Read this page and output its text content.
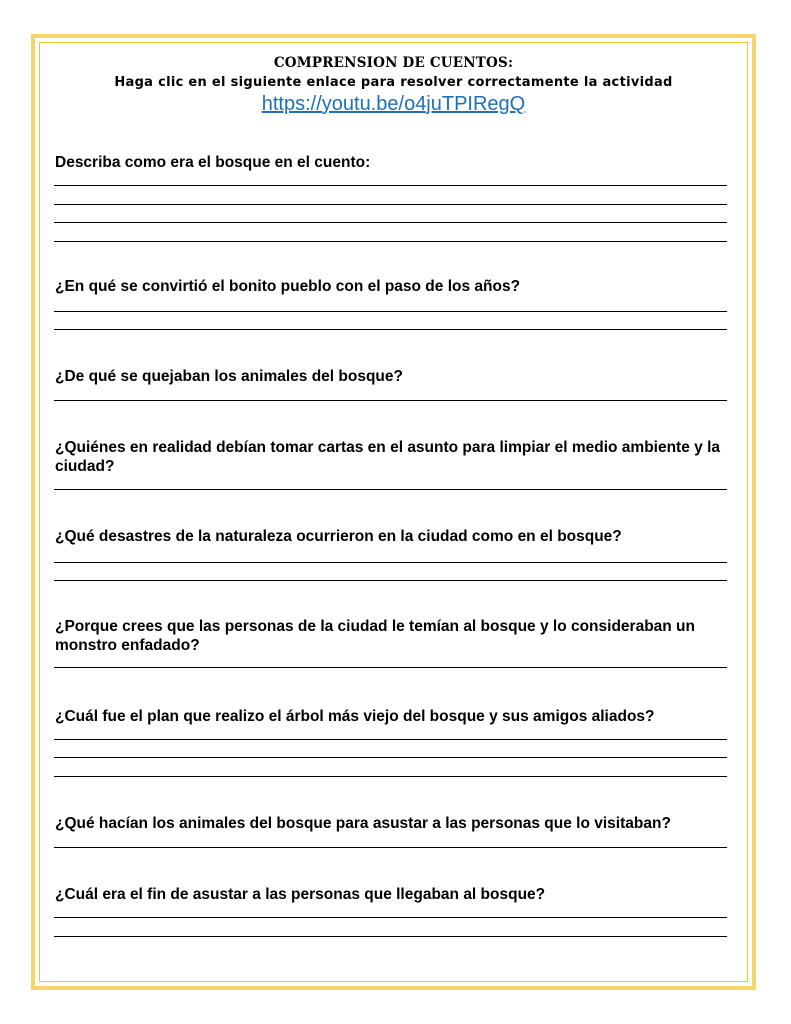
COMPRENSION DE CUENTOS:
Haga clic en el siguiente enlace para resolver correctamente la actividad
https://youtu.be/o4juTPIRegQ
Describa como era el bosque en el cuento:
¿En qué se convirtió el bonito pueblo con el paso de los años?
¿De qué se quejaban los animales del bosque?
¿Quiénes en realidad debían tomar cartas en el asunto para limpiar el medio ambiente y la ciudad?
¿Qué desastres de la naturaleza ocurrieron en la ciudad como en el bosque?
¿Porque crees que las personas de la ciudad le temían al bosque y lo consideraban un monstro enfadado?
¿Cuál fue el plan que realizo el árbol más viejo del bosque y sus amigos aliados?
¿Qué hacían los animales del bosque para asustar a las personas que lo visitaban?
¿Cuál era el fin de asustar a las personas que llegaban al bosque?
